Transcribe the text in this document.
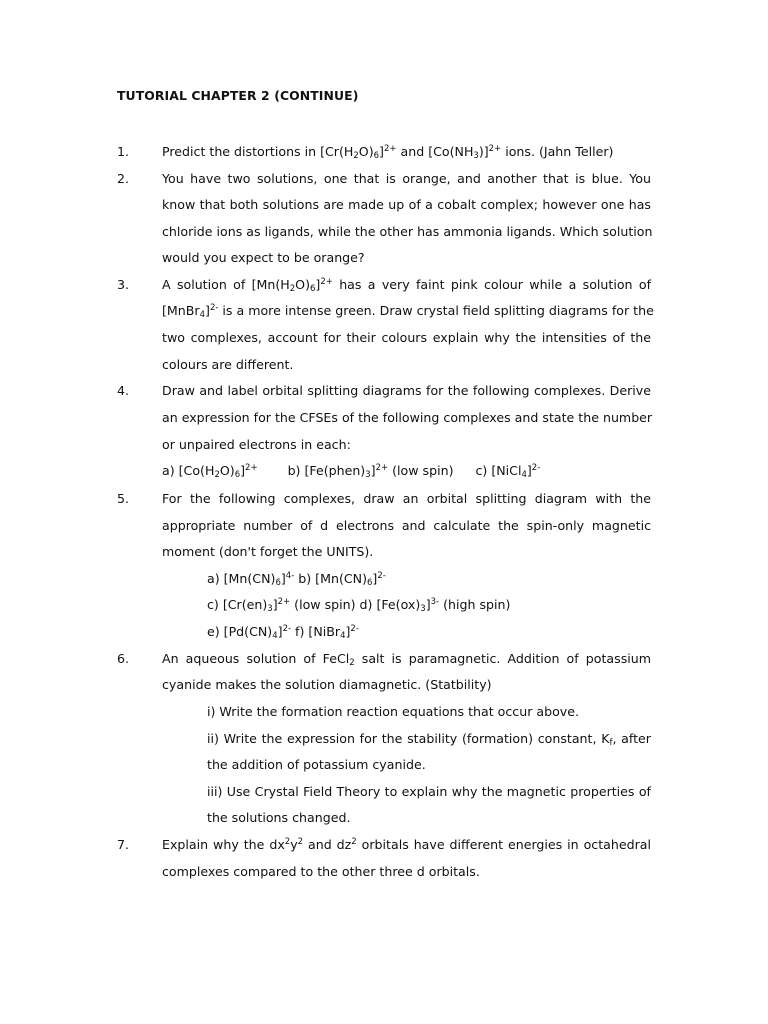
TUTORIAL CHAPTER 2 (CONTINUE)
1.
2.
3.
4.
5.
6.
7.
Predict the distortions in $[Cr(H_2O)_6]^{2+}$ and $[Co(NH_3)]^{2+}$ ions. (Jahn Teller)
You have two solutions, one that is orange, and another that is blue. You
know that both solutions are made up of a cobalt complex; however one has
chloride ions as ligands, while the other has ammonia ligands. Which solution
would you expect to be orange?
A solution of $[Mn(H_2O)_6]^{2+}$ has a very faint pink colour while a solution of
[MnBr$_4$]$^{2-}$ is a more intense green. Draw crystal field splitting diagrams for the
two complexes, account for their colours explain why the intensities of the
colours are different.
Draw and label orbital splitting diagrams for the following complexes. Derive
an expression for the CFSEs of the following complexes and state the number
or unpaired electrons in each:
a) $[Co(H_2O)_6]^{2+}$ b) $[Fe(phen)_3]^{2+}$ (low spin) c) [NiCl$_4$]$^{2-}$
For the following complexes, draw an orbital splitting diagram with the
appropriate number of d electrons and calculate the spin-only magnetic
moment (don't forget the UNITS).
a) $[Mn(CN)_6]^{4-}$ b) $[Mn(CN)_6]^{2-}$
c) $[Cr(en)_3]^{2+}$ (low spin) d) $[Fe(ox)_3]^{3-}$ (high spin)
e) $[Pd(CN)_4]^{2-}$ f) [NiBr$_4$]$^{2-}$
An aqueous solution of FeCl$_2$ salt is paramagnetic. Addition of potassium
cyanide makes the solution diamagnetic. (Statbility)
i) Write the formation reaction equations that occur above.
ii) Write the expression for the stability (formation) constant, $K_f$, after
the addition of potassium cyanide.
iii) Use Crystal Field Theory to explain why the magnetic properties of
the solutions changed.
Explain why the $dx^2y^2$ and $dz^2$ orbitals have different energies in octahedral
complexes compared to the other three d orbitals.
